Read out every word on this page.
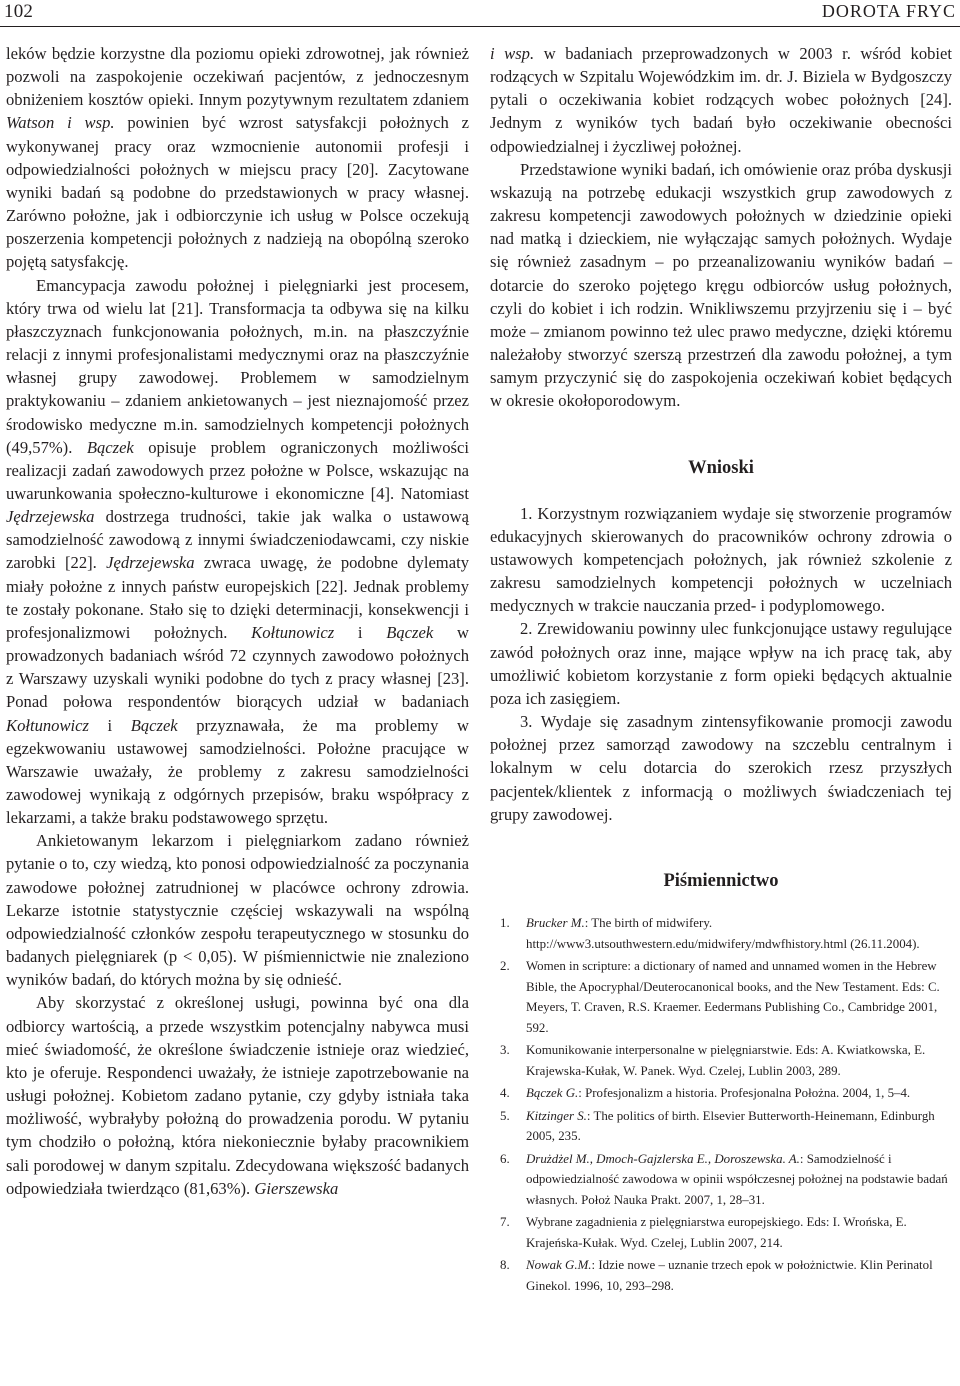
102	DOROTA FRYC

leków będzie korzystne dla poziomu opieki zdrowotnej, jak również pozwoli na zaspokojenie oczekiwań pacjentów, z jednoczesnym obniżeniem kosztów opieki. Innym pozytywnym rezultatem zdaniem Watson i wsp. powinien być wzrost satysfakcji położnych z wykonywanej pracy oraz wzmocnienie autonomii profesji i odpowiedzialności położnych w miejscu pracy [20]. Zacytowane wyniki badań są podobne do przedstawionych w pracy własnej. Zarówno położne, jak i odbiorczynie ich usług w Polsce oczekują poszerzenia kompetencji położnych z nadzieją na obopólną szeroko pojętą satysfakcję.

Emancypacja zawodu położnej i pielęgniarki jest procesem, który trwa od wielu lat [21]. Transformacja ta odbywa się na kilku płaszczyznach funkcjonowania położnych, m.in. na płaszczyźnie relacji z innymi profesjonalistami medycznymi oraz na płaszczyźnie własnej grupy zawodowej. Problemem w samodzielnym praktykowaniu – zdaniem ankietowanych – jest nieznajomość przez środowisko medyczne m.in. samodzielnych kompetencji położnych (49,57%). Bączek opisuje problem ograniczonych możliwości realizacji zadań zawodowych przez położne w Polsce, wskazując na uwarunkowania społeczno-kulturowe i ekonomiczne [4]. Natomiast Jędrzejewska dostrzega trudności, takie jak walka o ustawową samodzielność zawodową z innymi świadczeniodawcami, czy niskie zarobki [22]. Jędrzejewska zwraca uwagę, że podobne dylematy miały położne z innych państw europejskich [22]. Jednak problemy te zostały pokonane. Stało się to dzięki determinacji, konsekwencji i profesjonalizmowi położnych. Kołtunowicz i Bączek w prowadzonych badaniach wśród 72 czynnych zawodowo położnych z Warszawy uzyskali wyniki podobne do tych z pracy własnej [23]. Ponad połowa respondentów biorących udział w badaniach Kołtunowicz i Bączek przyznawała, że ma problemy w egzekwowaniu ustawowej samodzielności. Położne pracujące w Warszawie uważały, że problemy z zakresu samodzielności zawodowej wynikają z odgórnych przepisów, braku współpracy z lekarzami, a także braku podstawowego sprzętu.

Ankietowanym lekarzom i pielęgniarkom zadano również pytanie o to, czy wiedzą, kto ponosi odpowiedzialność za poczynania zawodowe położnej zatrudnionej w placówce ochrony zdrowia. Lekarze istotnie statystycznie częściej wskazywali na wspólną odpowiedzialność członków zespołu terapeutycznego w stosunku do badanych pielęgniarek (p < 0,05). W piśmiennictwie nie znaleziono wyników badań, do których można by się odnieść.

Aby skorzystać z określonej usługi, powinna być ona dla odbiorcy wartością, a przede wszystkim potencjalny nabywca musi mieć świadomość, że określone świadczenie istnieje oraz wiedzieć, kto je oferuje. Respondenci uważały, że istnieje zapotrzebowanie na usługi położnej. Kobietom zadano pytanie, czy gdyby istniała taka możliwość, wybrałyby położną do prowadzenia porodu. W pytaniu tym chodziło o położną, która niekoniecznie byłaby pracownikiem sali porodowej w danym szpitalu. Zdecydowana większość badanych odpowiedziała twierdząco (81,63%). Gierszewska

i wsp. w badaniach przeprowadzonych w 2003 r. wśród kobiet rodzących w Szpitalu Wojewódzkim im. dr. J. Biziela w Bydgoszczy pytali o oczekiwania kobiet rodzących wobec położnych [24]. Jednym z wyników tych badań było oczekiwanie obecności odpowiedzialnej i życzliwej położnej.

Przedstawione wyniki badań, ich omówienie oraz próba dyskusji wskazują na potrzebę edukacji wszystkich grup zawodowych z zakresu kompetencji zawodowych położnych w dziedzinie opieki nad matką i dzieckiem, nie wyłączając samych położnych. Wydaje się również zasadnym – po przeanalizowaniu wyników badań – dotarcie do szeroko pojętego kręgu odbiorców usług położnych, czyli do kobiet i ich rodzin. Wnikliwszemu przyjrzeniu się i – być może – zmianom powinno też ulec prawo medyczne, dzięki któremu należałoby stworzyć szerszą przestrzeń dla zawodu położnej, a tym samym przyczynić się do zaspokojenia oczekiwań kobiet będących w okresie okołoporodowym.

Wnioski
1. Korzystnym rozwiązaniem wydaje się stworzenie programów edukacyjnych skierowanych do pracowników ochrony zdrowia o ustawowych kompetencjach położnych, jak również szkolenie z zakresu samodzielnych kompetencji położnych w uczelniach medycznych w trakcie nauczania przed- i podyplomowego.
2. Zrewidowaniu powinny ulec funkcjonujące ustawy regulujące zawód położnych oraz inne, mające wpływ na ich pracę tak, aby umożliwić kobietom korzystanie z form opieki będących aktualnie poza ich zasięgiem.
3. Wydaje się zasadnym zintensyfikowanie promocji zawodu położnej przez samorząd zawodowy na szczeblu centralnym i lokalnym w celu dotarcia do szerokich rzesz przyszłych pacjentek/klientek z informacją o możliwych świadczeniach tej grupy zawodowej.
Piśmiennictwo
1. Brucker M.: The birth of midwifery. http://www3.utsouthwestern.edu/midwifery/mdwfhistory.html (26.11.2004).
2. Women in scripture: a dictionary of named and unnamed women in the Hebrew Bible, the Apocryphal/Deuterocanonical books, and the New Testament. Eds: C. Meyers, T. Craven, R.S. Kraemer. Eedermans Publishing Co., Cambridge 2001, 592.
3. Komunikowanie interpersonalne w pielęgniarstwie. Eds: A. Kwiatkowska, E. Krajewska-Kułak, W. Panek. Wyd. Czelej, Lublin 2003, 289.
4. Bączek G.: Profesjonalizm a historia. Profesjonalna Położna. 2004, 1, 5–4.
5. Kitzinger S.: The politics of birth. Elsevier Butterworth-Heinemann, Edinburgh 2005, 235.
6. Drużdżel M., Dmoch-Gajzlerska E., Doroszewska. A.: Samodzielność i odpowiedzialność zawodowa w opinii współczesnej położnej na podstawie badań własnych. Położ Nauka Prakt. 2007, 1, 28–31.
7. Wybrane zagadnienia z pielęgniarstwa europejskiego. Eds: I. Wrońska, E. Krajeńska-Kułak. Wyd. Czelej, Lublin 2007, 214.
8. Nowak G.M.: Idzie nowe – uznanie trzech epok w położnictwie. Klin Perinatol Ginekol. 1996, 10, 293–298.
